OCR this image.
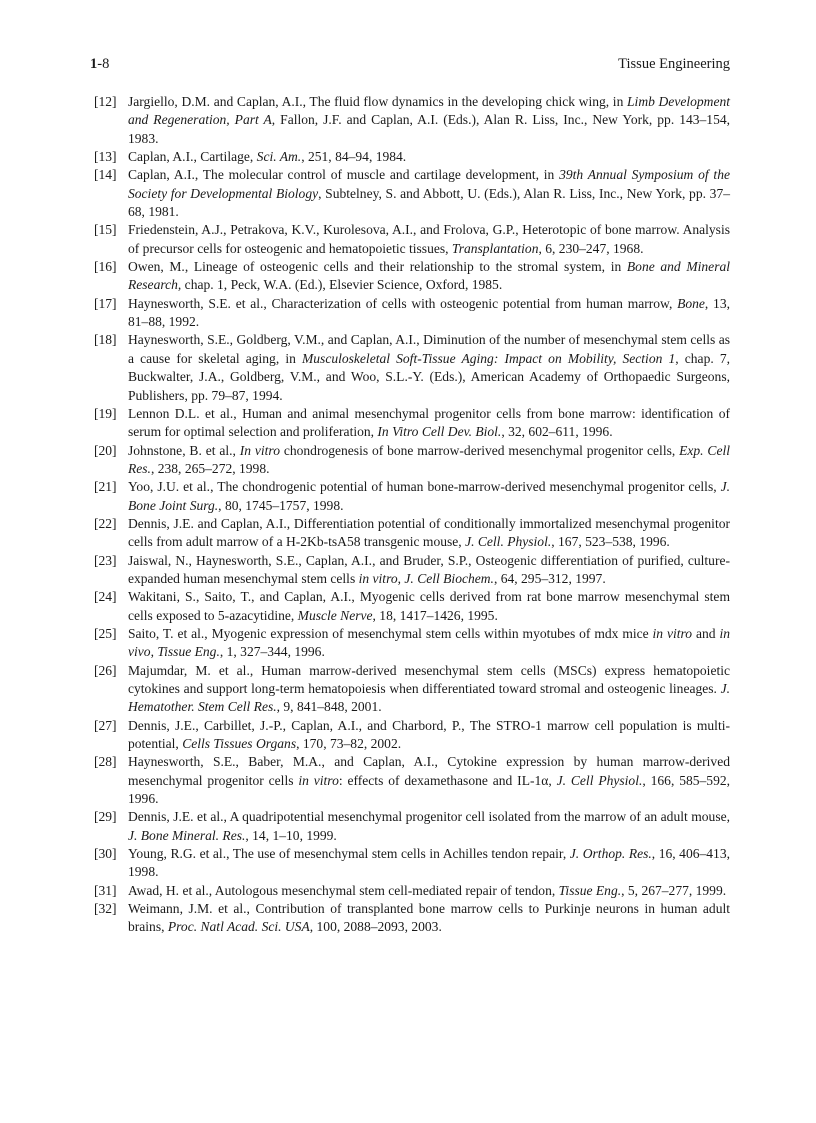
1-8	Tissue Engineering
[12] Jargiello, D.M. and Caplan, A.I., The fluid flow dynamics in the developing chick wing, in Limb Development and Regeneration, Part A, Fallon, J.F. and Caplan, A.I. (Eds.), Alan R. Liss, Inc., New York, pp. 143–154, 1983.
[13] Caplan, A.I., Cartilage, Sci. Am., 251, 84–94, 1984.
[14] Caplan, A.I., The molecular control of muscle and cartilage development, in 39th Annual Symposium of the Society for Developmental Biology, Subtelney, S. and Abbott, U. (Eds.), Alan R. Liss, Inc., New York, pp. 37–68, 1981.
[15] Friedenstein, A.J., Petrakova, K.V., Kurolesova, A.I., and Frolova, G.P., Heterotopic of bone marrow. Analysis of precursor cells for osteogenic and hematopoietic tissues, Transplantation, 6, 230–247, 1968.
[16] Owen, M., Lineage of osteogenic cells and their relationship to the stromal system, in Bone and Mineral Research, chap. 1, Peck, W.A. (Ed.), Elsevier Science, Oxford, 1985.
[17] Haynesworth, S.E. et al., Characterization of cells with osteogenic potential from human marrow, Bone, 13, 81–88, 1992.
[18] Haynesworth, S.E., Goldberg, V.M., and Caplan, A.I., Diminution of the number of mesenchymal stem cells as a cause for skeletal aging, in Musculoskeletal Soft-Tissue Aging: Impact on Mobility, Section 1, chap. 7, Buckwalter, J.A., Goldberg, V.M., and Woo, S.L.-Y. (Eds.), American Academy of Orthopaedic Surgeons, Publishers, pp. 79–87, 1994.
[19] Lennon D.L. et al., Human and animal mesenchymal progenitor cells from bone marrow: identification of serum for optimal selection and proliferation, In Vitro Cell Dev. Biol., 32, 602–611, 1996.
[20] Johnstone, B. et al., In vitro chondrogenesis of bone marrow-derived mesenchymal progenitor cells, Exp. Cell Res., 238, 265–272, 1998.
[21] Yoo, J.U. et al., The chondrogenic potential of human bone-marrow-derived mesenchymal progenitor cells, J. Bone Joint Surg., 80, 1745–1757, 1998.
[22] Dennis, J.E. and Caplan, A.I., Differentiation potential of conditionally immortalized mesenchymal progenitor cells from adult marrow of a H-2Kb-tsA58 transgenic mouse, J. Cell. Physiol., 167, 523–538, 1996.
[23] Jaiswal, N., Haynesworth, S.E., Caplan, A.I., and Bruder, S.P., Osteogenic differentiation of purified, culture-expanded human mesenchymal stem cells in vitro, J. Cell Biochem., 64, 295–312, 1997.
[24] Wakitani, S., Saito, T., and Caplan, A.I., Myogenic cells derived from rat bone marrow mesenchymal stem cells exposed to 5-azacytidine, Muscle Nerve, 18, 1417–1426, 1995.
[25] Saito, T. et al., Myogenic expression of mesenchymal stem cells within myotubes of mdx mice in vitro and in vivo, Tissue Eng., 1, 327–344, 1996.
[26] Majumdar, M. et al., Human marrow-derived mesenchymal stem cells (MSCs) express hematopoietic cytokines and support long-term hematopoiesis when differentiated toward stromal and osteogenic lineages. J. Hematother. Stem Cell Res., 9, 841–848, 2001.
[27] Dennis, J.E., Carbillet, J.-P., Caplan, A.I., and Charbord, P., The STRO-1 marrow cell population is multi-potential, Cells Tissues Organs, 170, 73–82, 2002.
[28] Haynesworth, S.E., Baber, M.A., and Caplan, A.I., Cytokine expression by human marrow-derived mesenchymal progenitor cells in vitro: effects of dexamethasone and IL-1α, J. Cell Physiol., 166, 585–592, 1996.
[29] Dennis, J.E. et al., A quadripotential mesenchymal progenitor cell isolated from the marrow of an adult mouse, J. Bone Mineral. Res., 14, 1–10, 1999.
[30] Young, R.G. et al., The use of mesenchymal stem cells in Achilles tendon repair, J. Orthop. Res., 16, 406–413, 1998.
[31] Awad, H. et al., Autologous mesenchymal stem cell-mediated repair of tendon, Tissue Eng., 5, 267–277, 1999.
[32] Weimann, J.M. et al., Contribution of transplanted bone marrow cells to Purkinje neurons in human adult brains, Proc. Natl Acad. Sci. USA, 100, 2088–2093, 2003.
